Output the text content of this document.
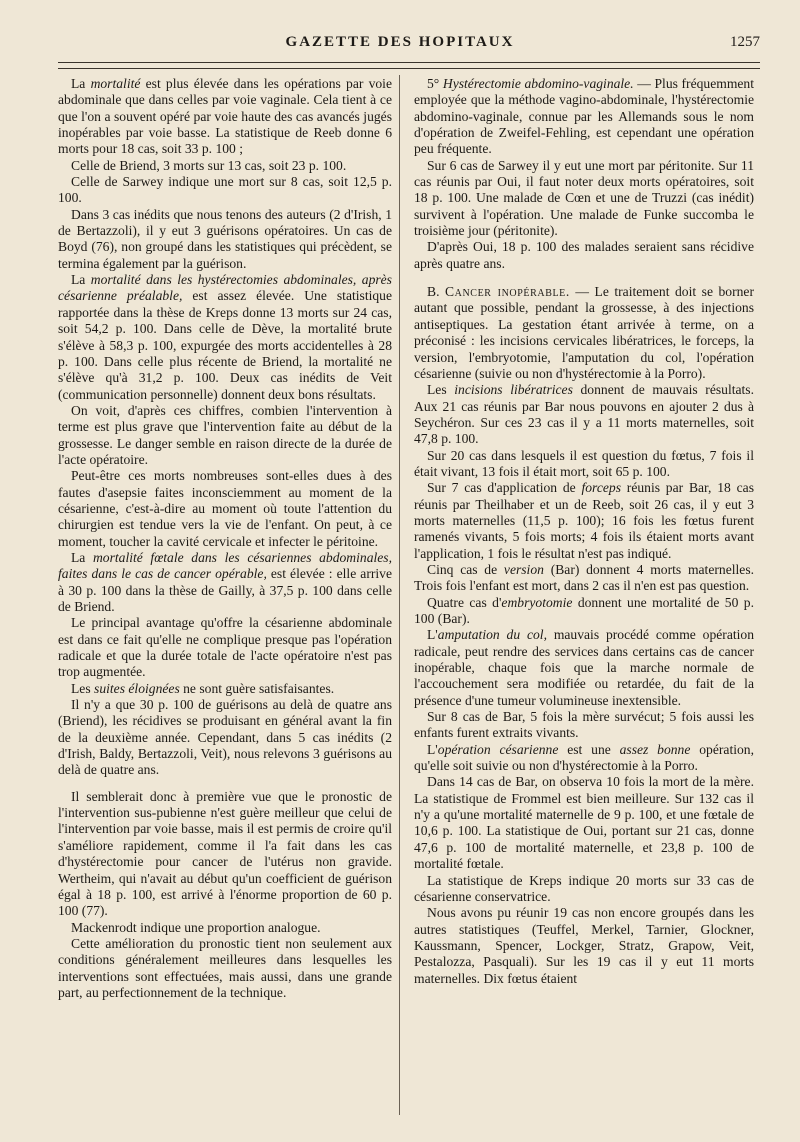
GAZETTE DES HOPITAUX	1257

La mortalité est plus élevée dans les opérations par voie abdominale que dans celles par voie vaginale. Cela tient à ce que l'on a souvent opéré par voie haute des cas avancés jugés inopérables par voie basse. La statistique de Reeb donne 6 morts pour 18 cas, soit 33 p. 100 ;

Celle de Briend, 3 morts sur 13 cas, soit 23 p. 100.

Celle de Sarwey indique une mort sur 8 cas, soit 12,5 p. 100.

Dans 3 cas inédits que nous tenons des auteurs (2 d'Irish, 1 de Bertazzoli), il y eut 3 guérisons opératoires. Un cas de Boyd (76), non groupé dans les statistiques qui précèdent, se termina également par la guérison.

La mortalité dans les hystérectomies abdominales, après césarienne préalable, est assez élevée. Une statistique rapportée dans la thèse de Kreps donne 13 morts sur 24 cas, soit 54,2 p. 100. Dans celle de Dève, la mortalité brute s'élève à 58,3 p. 100, expurgée des morts accidentelles à 28 p. 100. Dans celle plus récente de Briend, la mortalité ne s'élève qu'à 31,2 p. 100. Deux cas inédits de Veit (communication personnelle) donnent deux bons résultats.

On voit, d'après ces chiffres, combien l'intervention à terme est plus grave que l'intervention faite au début de la grossesse. Le danger semble en raison directe de la durée de l'acte opératoire.

Peut-être ces morts nombreuses sont-elles dues à des fautes d'asepsie faites inconsciemment au moment de la césarienne, c'est-à-dire au moment où toute l'attention du chirurgien est tendue vers la vie de l'enfant. On peut, à ce moment, toucher la cavité cervicale et infecter le péritoine.

La mortalité fœtale dans les césariennes abdominales, faites dans le cas de cancer opérable, est élevée : elle arrive à 30 p. 100 dans la thèse de Gailly, à 37,5 p. 100 dans celle de Briend.

Le principal avantage qu'offre la césarienne abdominale est dans ce fait qu'elle ne complique presque pas l'opération radicale et que la durée totale de l'acte opératoire n'est pas trop augmentée.

Les suites éloignées ne sont guère satisfaisantes.

Il n'y a que 30 p. 100 de guérisons au delà de quatre ans (Briend), les récidives se produisant en général avant la fin de la deuxième année. Cependant, dans 5 cas inédits (2 d'Irish, Baldy, Bertazzoli, Veit), nous relevons 3 guérisons au delà de quatre ans.

Il semblerait donc à première vue que le pronostic de l'intervention sus-pubienne n'est guère meilleur que celui de l'intervention par voie basse, mais il est permis de croire qu'il s'améliore rapidement, comme il l'a fait dans les cas d'hystérectomie pour cancer de l'utérus non gravide. Wertheim, qui n'avait au début qu'un coefficient de guérison égal à 18 p. 100, est arrivé à l'énorme proportion de 60 p. 100 (77).

Mackenrodt indique une proportion analogue.

Cette amélioration du pronostic tient non seulement aux conditions généralement meilleures dans lesquelles les interventions sont effectuées, mais aussi, dans une grande part, au perfectionnement de la technique.

5° Hystérectomie abdomino-vaginale. — Plus fréquemment employée que la méthode vagino-abdominale, l'hystérectomie abdomino-vaginale, connue par les Allemands sous le nom d'opération de Zweifel-Fehling, est cependant une opération peu fréquente.

Sur 6 cas de Sarwey il y eut une mort par péritonite. Sur 11 cas réunis par Oui, il faut noter deux morts opératoires, soit 18 p. 100. Une malade de Cœn et une de Truzzi (cas inédit) survivent à l'opération. Une malade de Funke succomba le troisième jour (péritonite).

D'après Oui, 18 p. 100 des malades seraient sans récidive après quatre ans.

B. Cancer inopérable. — Le traitement doit se borner autant que possible, pendant la grossesse, à des injections antiseptiques. La gestation étant arrivée à terme, on a préconisé : les incisions cervicales libératrices, le forceps, la version, l'embryotomie, l'amputation du col, l'opération césarienne (suivie ou non d'hystérectomie à la Porro).

Les incisions libératrices donnent de mauvais résultats. Aux 21 cas réunis par Bar nous pouvons en ajouter 2 dus à Seychéron. Sur ces 23 cas il y a 11 morts maternelles, soit 47,8 p. 100.

Sur 20 cas dans lesquels il est question du fœtus, 7 fois il était vivant, 13 fois il était mort, soit 65 p. 100.

Sur 7 cas d'application de forceps réunis par Bar, 18 cas réunis par Theilhaber et un de Reeb, soit 26 cas, il y eut 3 morts maternelles (11,5 p. 100); 16 fois les fœtus furent ramenés vivants, 5 fois morts; 4 fois ils étaient morts avant l'application, 1 fois le résultat n'est pas indiqué.

Cinq cas de version (Bar) donnent 4 morts maternelles. Trois fois l'enfant est mort, dans 2 cas il n'en est pas question.

Quatre cas d'embryotomie donnent une mortalité de 50 p. 100 (Bar).

L'amputation du col, mauvais procédé comme opération radicale, peut rendre des services dans certains cas de cancer inopérable, chaque fois que la marche normale de l'accouchement sera modifiée ou retardée, du fait de la présence d'une tumeur volumineuse inextensible.

Sur 8 cas de Bar, 5 fois la mère survécut; 5 fois aussi les enfants furent extraits vivants.

L'opération césarienne est une assez bonne opération, qu'elle soit suivie ou non d'hystérectomie à la Porro.

Dans 14 cas de Bar, on observa 10 fois la mort de la mère. La statistique de Frommel est bien meilleure. Sur 132 cas il n'y a qu'une mortalité maternelle de 9 p. 100, et une fœtale de 10,6 p. 100. La statistique de Oui, portant sur 21 cas, donne 47,6 p. 100 de mortalité maternelle, et 23,8 p. 100 de mortalité fœtale.

La statistique de Kreps indique 20 morts sur 33 cas de césarienne conservatrice.

Nous avons pu réunir 19 cas non encore groupés dans les autres statistiques (Teuffel, Merkel, Tarnier, Glockner, Kaussmann, Spencer, Lockger, Stratz, Grapow, Veit, Pestalozza, Pasquali). Sur les 19 cas il y eut 11 morts maternelles. Dix fœtus étaient
